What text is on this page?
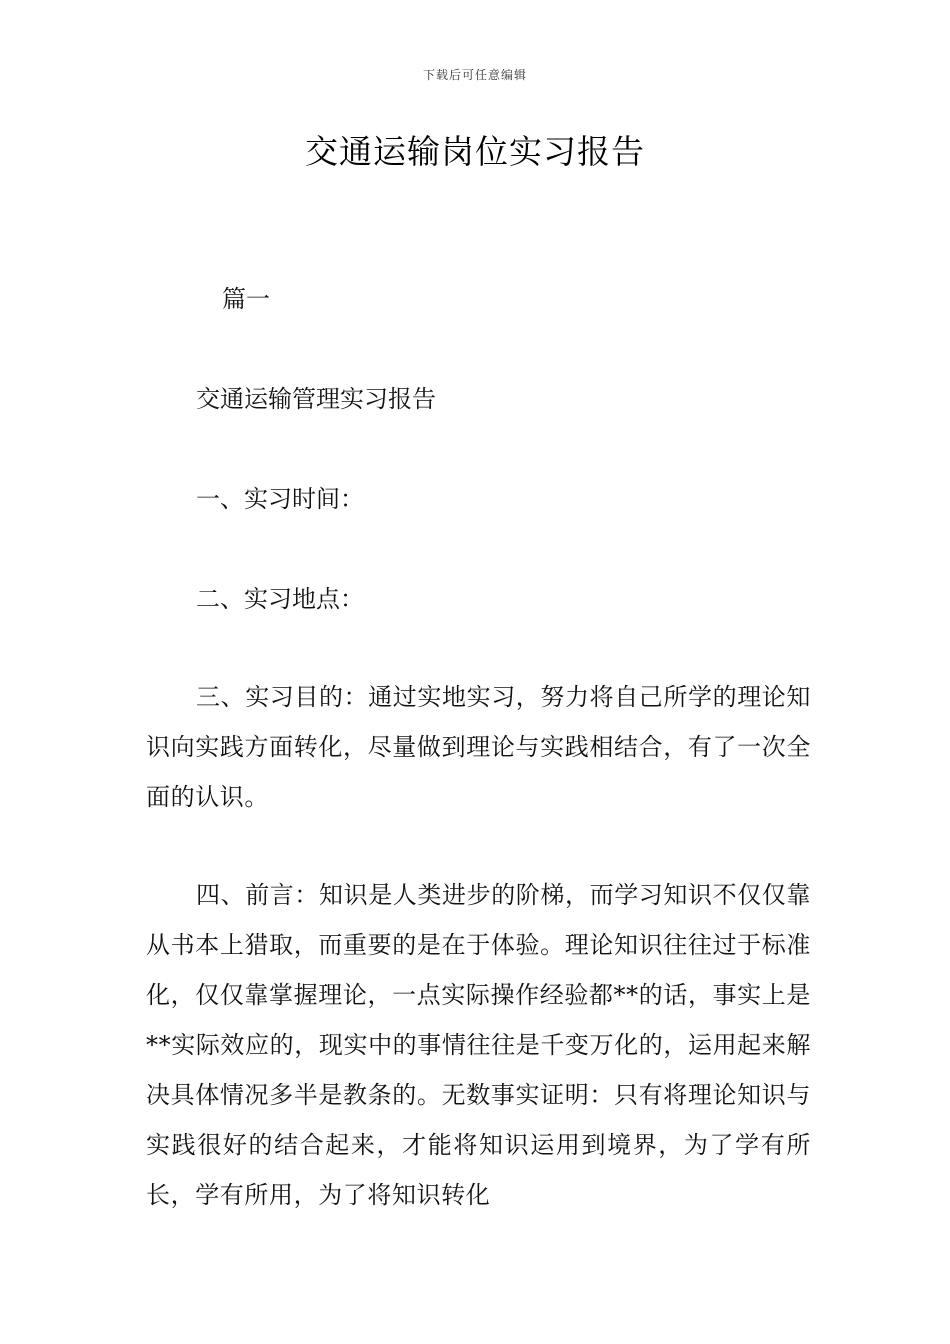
下载后可任意编辑
交通运输岗位实习报告
篇一
交通运输管理实习报告
一、实习时间：
二、实习地点：

三、实习目的：通过实地实习，努力将自己所学的理论知识向实践方面转化，尽量做到理论与实践相结合，有了一次全面的认识。

四、前言：知识是人类进步的阶梯，而学习知识不仅仅靠从书本上猎取，而重要的是在于体验。理论知识往往过于标准化，仅仅靠掌握理论，一点实际操作经验都**的话，事实上是**实际效应的，现实中的事情往往是千变万化的，运用起来解决具体情况多半是教条的。无数事实证明：只有将理论知识与实践很好的结合起来，才能将知识运用到境界，为了学有所长，学有所用，为了将知识转化
